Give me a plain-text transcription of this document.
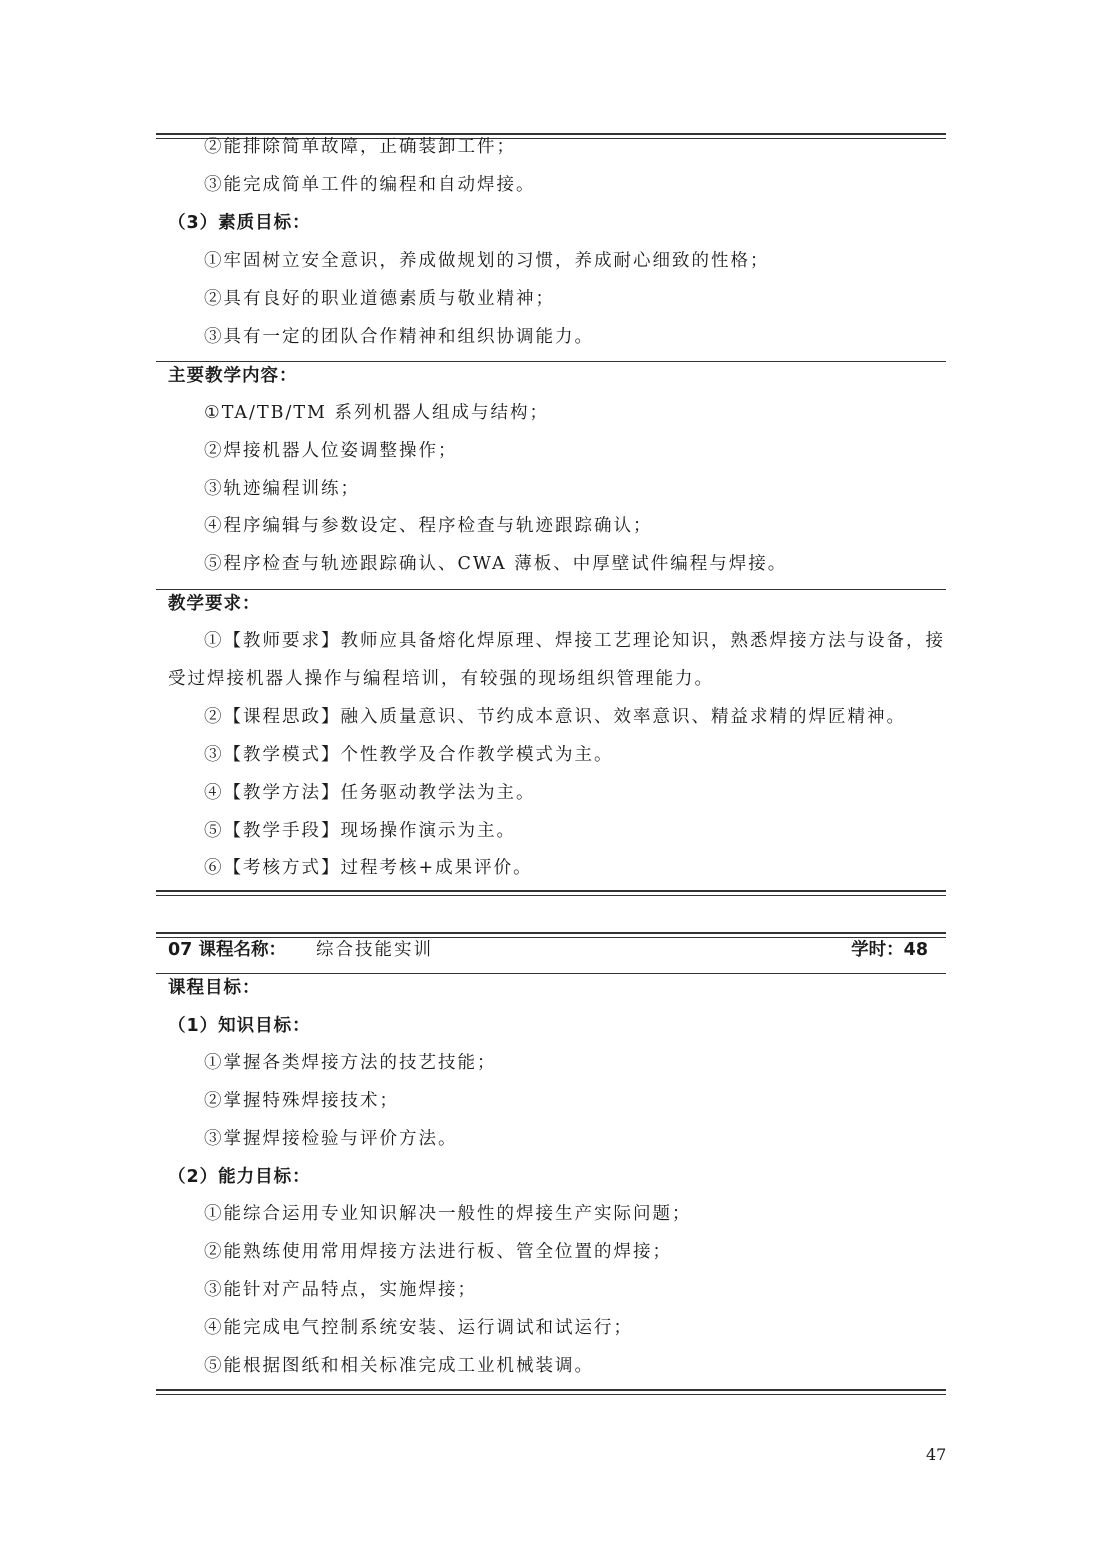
②能排除简单故障，正确装卸工件；
③能完成简单工件的编程和自动焊接。
（3）素质目标：
①牢固树立安全意识，养成做规划的习惯，养成耐心细致的性格；
②具有良好的职业道德素质与敬业精神；
③具有一定的团队合作精神和组织协调能力。
主要教学内容：
①TA/TB/TM 系列机器人组成与结构；
②焊接机器人位姿调整操作；
③轨迹编程训练；
④程序编辑与参数设定、程序检查与轨迹跟踪确认；
⑤程序检查与轨迹跟踪确认、CWA 薄板、中厚壁试件编程与焊接。
教学要求：
①【教师要求】教师应具备熔化焊原理、焊接工艺理论知识，熟悉焊接方法与设备，接
受过焊接机器人操作与编程培训，有较强的现场组织管理能力。
②【课程思政】融入质量意识、节约成本意识、效率意识、精益求精的焊匠精神。
③【教学模式】个性教学及合作教学模式为主。
④【教学方法】任务驱动教学法为主。
⑤【教学手段】现场操作演示为主。
⑥【考核方式】过程考核+成果评价。
07 课程名称： 综合技能实训	学时：48
课程目标：
（1）知识目标：
①掌握各类焊接方法的技艺技能；
②掌握特殊焊接技术；
③掌握焊接检验与评价方法。
（2）能力目标：
①能综合运用专业知识解决一般性的焊接生产实际问题；
②能熟练使用常用焊接方法进行板、管全位置的焊接；
③能针对产品特点，实施焊接；
④能完成电气控制系统安装、运行调试和试运行；
⑤能根据图纸和相关标准完成工业机械装调。
47
